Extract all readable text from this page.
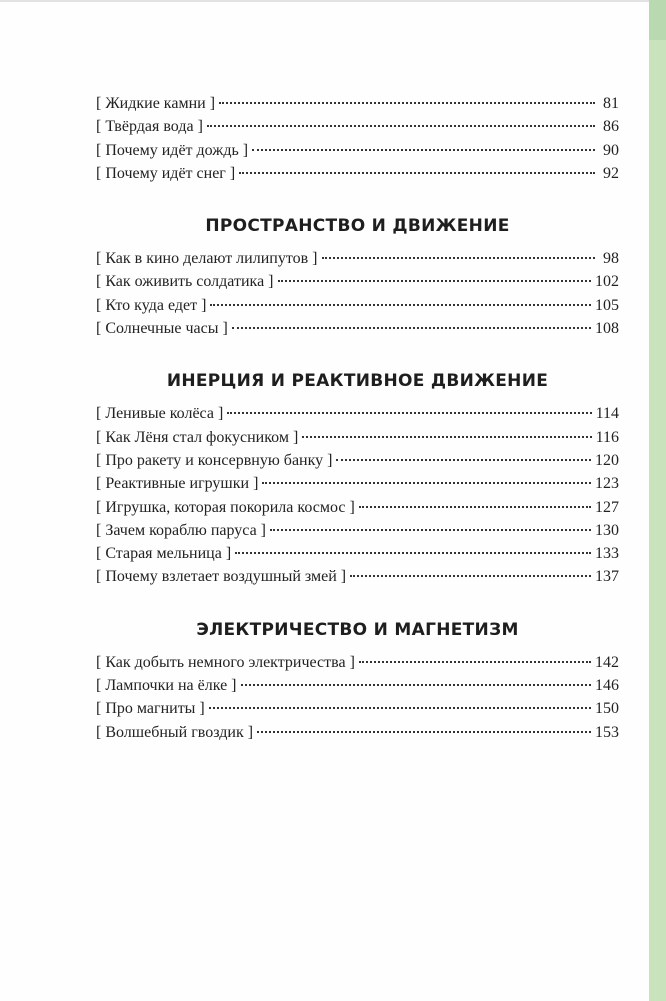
[ Жидкие камни ]	81
[ Твёрдая вода ]	86
[ Почему идёт дождь ]	90
[ Почему идёт снег ]	92
ПРОСТРАНСТВО И ДВИЖЕНИЕ
[ Как в кино делают лилипутов ]	98
[ Как оживить солдатика ]	102
[ Кто куда едет ]	105
[ Солнечные часы ]	108
ИНЕРЦИЯ И РЕАКТИВНОЕ ДВИЖЕНИЕ
[ Ленивые колёса ]	114
[ Как Лёня стал фокусником ]	116
[ Про ракету и консервную банку ]	120
[ Реактивные игрушки ]	123
[ Игрушка, которая покорила космос ]	127
[ Зачем кораблю паруса ]	130
[ Старая мельница ]	133
[ Почему взлетает воздушный змей ]	137
ЭЛЕКТРИЧЕСТВО И МАГНЕТИЗМ
[ Как добыть немного электричества ]	142
[ Лампочки на ёлке ]	146
[ Про магниты ]	150
[ Волшебный гвоздик ]	153
